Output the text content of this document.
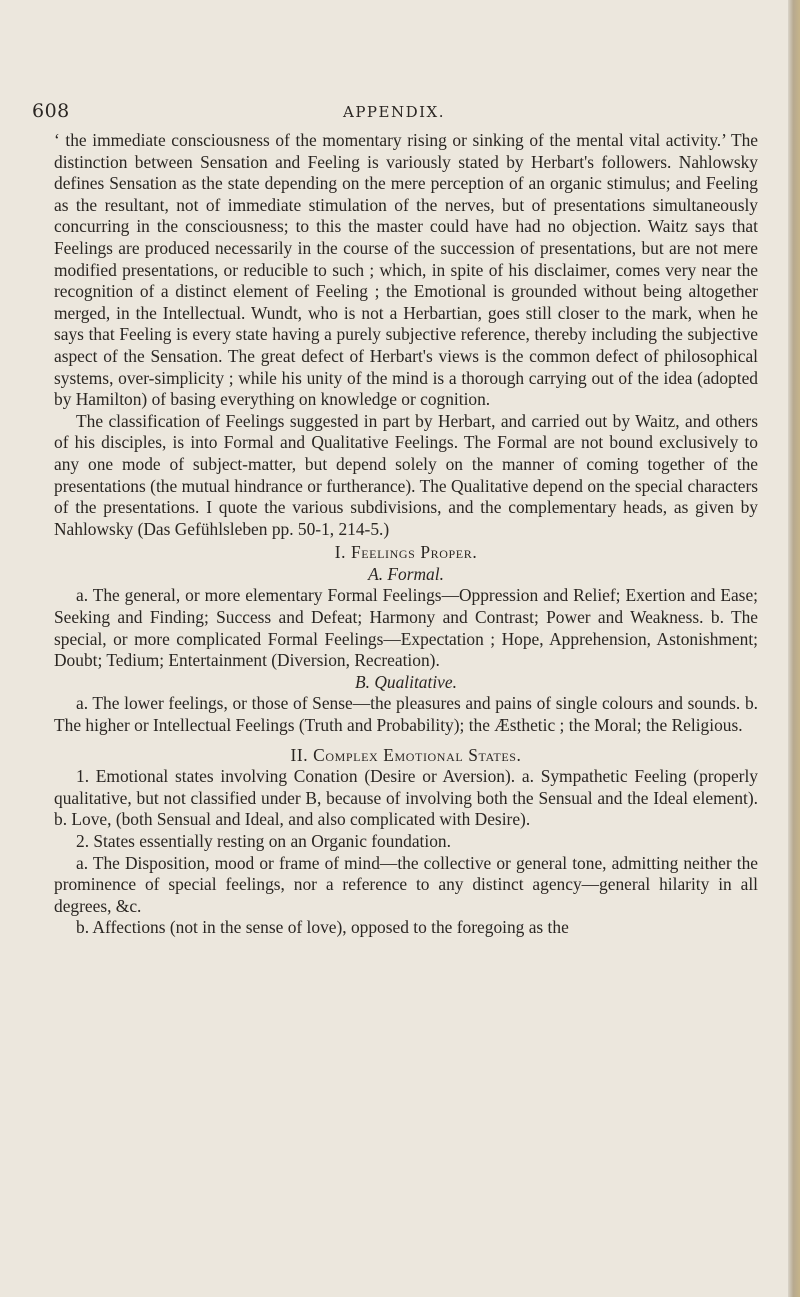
608	APPENDIX.

‘ the immediate consciousness of the momentary rising or sinking of the mental vital activity.’ The distinction between Sensation and Feeling is variously stated by Herbart's followers. Nahlowsky defines Sensation as the state depending on the mere perception of an organic stimulus; and Feeling as the resultant, not of immediate stimulation of the nerves, but of presentations simultaneously concurring in the consciousness; to this the master could have had no objection. Waitz says that Feelings are produced necessarily in the course of the succession of presentations, but are not mere modified presentations, or reducible to such ; which, in spite of his disclaimer, comes very near the recognition of a distinct element of Feeling ; the Emotional is grounded without being altogether merged, in the Intellectual. Wundt, who is not a Herbartian, goes still closer to the mark, when he says that Feeling is every state having a purely subjective reference, thereby including the subjective aspect of the Sensation. The great defect of Herbart's views is the common defect of philosophical systems, over-simplicity ; while his unity of the mind is a thorough carrying out of the idea (adopted by Hamilton) of basing everything on knowledge or cognition.

The classification of Feelings suggested in part by Herbart, and carried out by Waitz, and others of his disciples, is into Formal and Qualitative Feelings. The Formal are not bound exclusively to any one mode of subject-matter, but depend solely on the manner of coming together of the presentations (the mutual hindrance or furtherance). The Qualitative depend on the special characters of the presentations. I quote the various subdivisions, and the complementary heads, as given by Nahlowsky (Das Gefühlsleben pp. 50-1, 214-5.)

I. Feelings Proper.

A. Formal.

a. The general, or more elementary Formal Feelings—Oppression and Relief; Exertion and Ease; Seeking and Finding; Success and Defeat; Harmony and Contrast; Power and Weakness. b. The special, or more complicated Formal Feelings—Expectation ; Hope, Apprehension, Astonishment; Doubt; Tedium; Entertainment (Diversion, Recreation).

B. Qualitative.

a. The lower feelings, or those of Sense—the pleasures and pains of single colours and sounds. b. The higher or Intellectual Feelings (Truth and Probability); the Æsthetic ; the Moral; the Religious.

II. Complex Emotional States.

1. Emotional states involving Conation (Desire or Aversion). a. Sympathetic Feeling (properly qualitative, but not classified under B, because of involving both the Sensual and the Ideal element). b. Love, (both Sensual and Ideal, and also complicated with Desire).

2. States essentially resting on an Organic foundation.

a. The Disposition, mood or frame of mind—the collective or general tone, admitting neither the prominence of special feelings, nor a reference to any distinct agency—general hilarity in all degrees, &c.

b. Affections (not in the sense of love), opposed to the foregoing as the
